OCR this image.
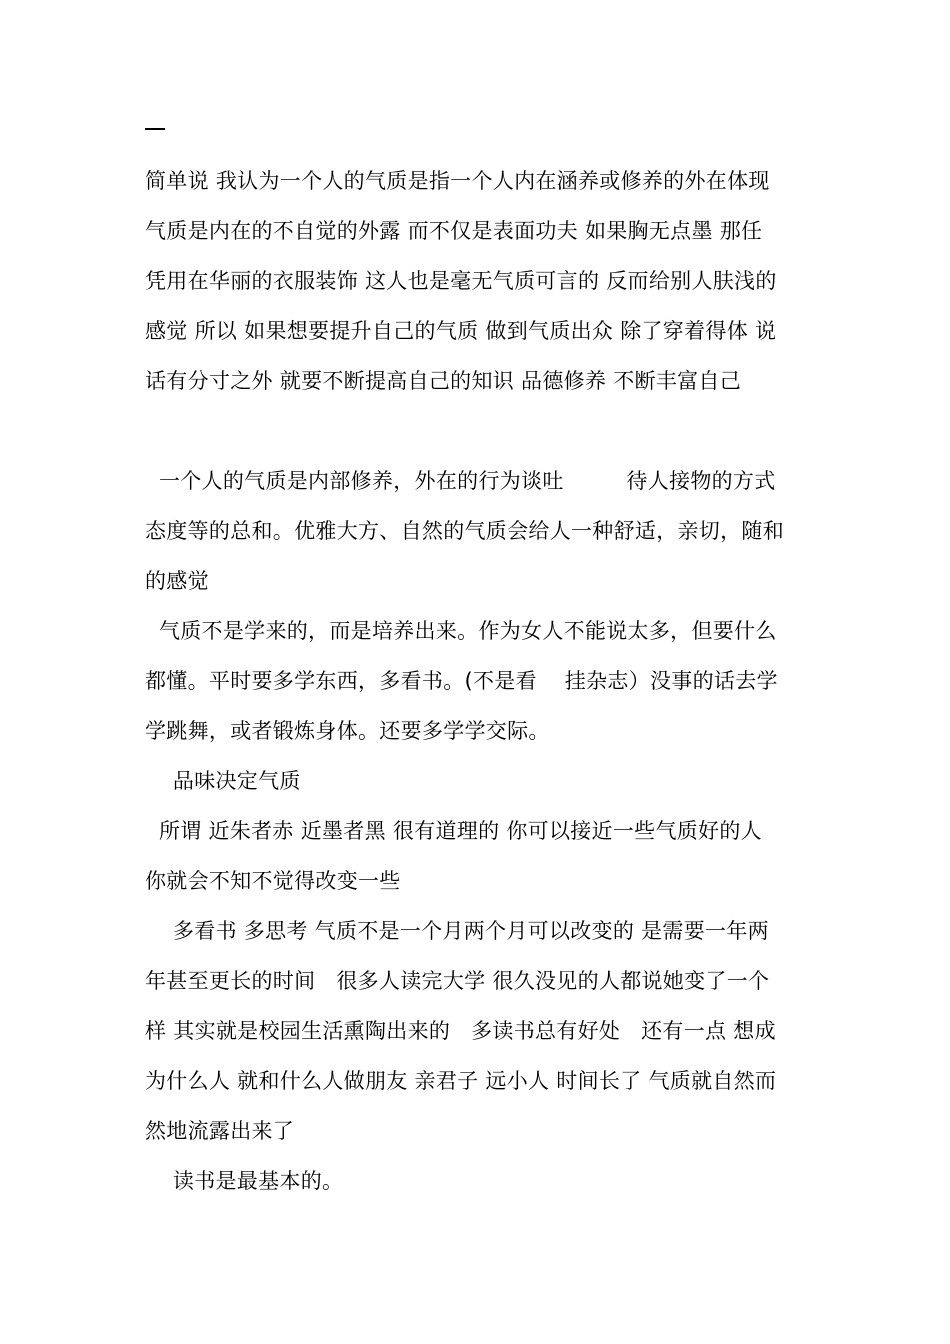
简单说 我认为一个人的气质是指一个人内在涵养或修养的外在体现
气质是内在的不自觉的外露 而不仅是表面功夫 如果胸无点墨 那任
凭用在华丽的衣服装饰 这人也是毫无气质可言的 反而给别人肤浅的
感觉 所以 如果想要提升自己的气质 做到气质出众 除了穿着得体 说
话有分寸之外 就要不断提高自己的知识 品德修养 不断丰富自己
一个人的气质是内部修养，外在的行为谈吐         待人接物的方式
态度等的总和。优雅大方、自然的气质会给人一种舒适，亲切，随和
的感觉
气质不是学来的，而是培养出来。作为女人不能说太多，但要什么
都懂。平时要多学东西，多看书。(不是看    挂杂志）没事的话去学
学跳舞，或者锻炼身体。还要多学学交际。
品味决定气质
所谓 近朱者赤 近墨者黑 很有道理的 你可以接近一些气质好的人
你就会不知不觉得改变一些
多看书 多思考 气质不是一个月两个月可以改变的 是需要一年两
年甚至更长的时间   很多人读完大学 很久没见的人都说她变了一个
样 其实就是校园生活熏陶出来的   多读书总有好处   还有一点 想成
为什么人 就和什么人做朋友 亲君子 远小人 时间长了 气质就自然而
然地流露出来了
读书是最基本的。
